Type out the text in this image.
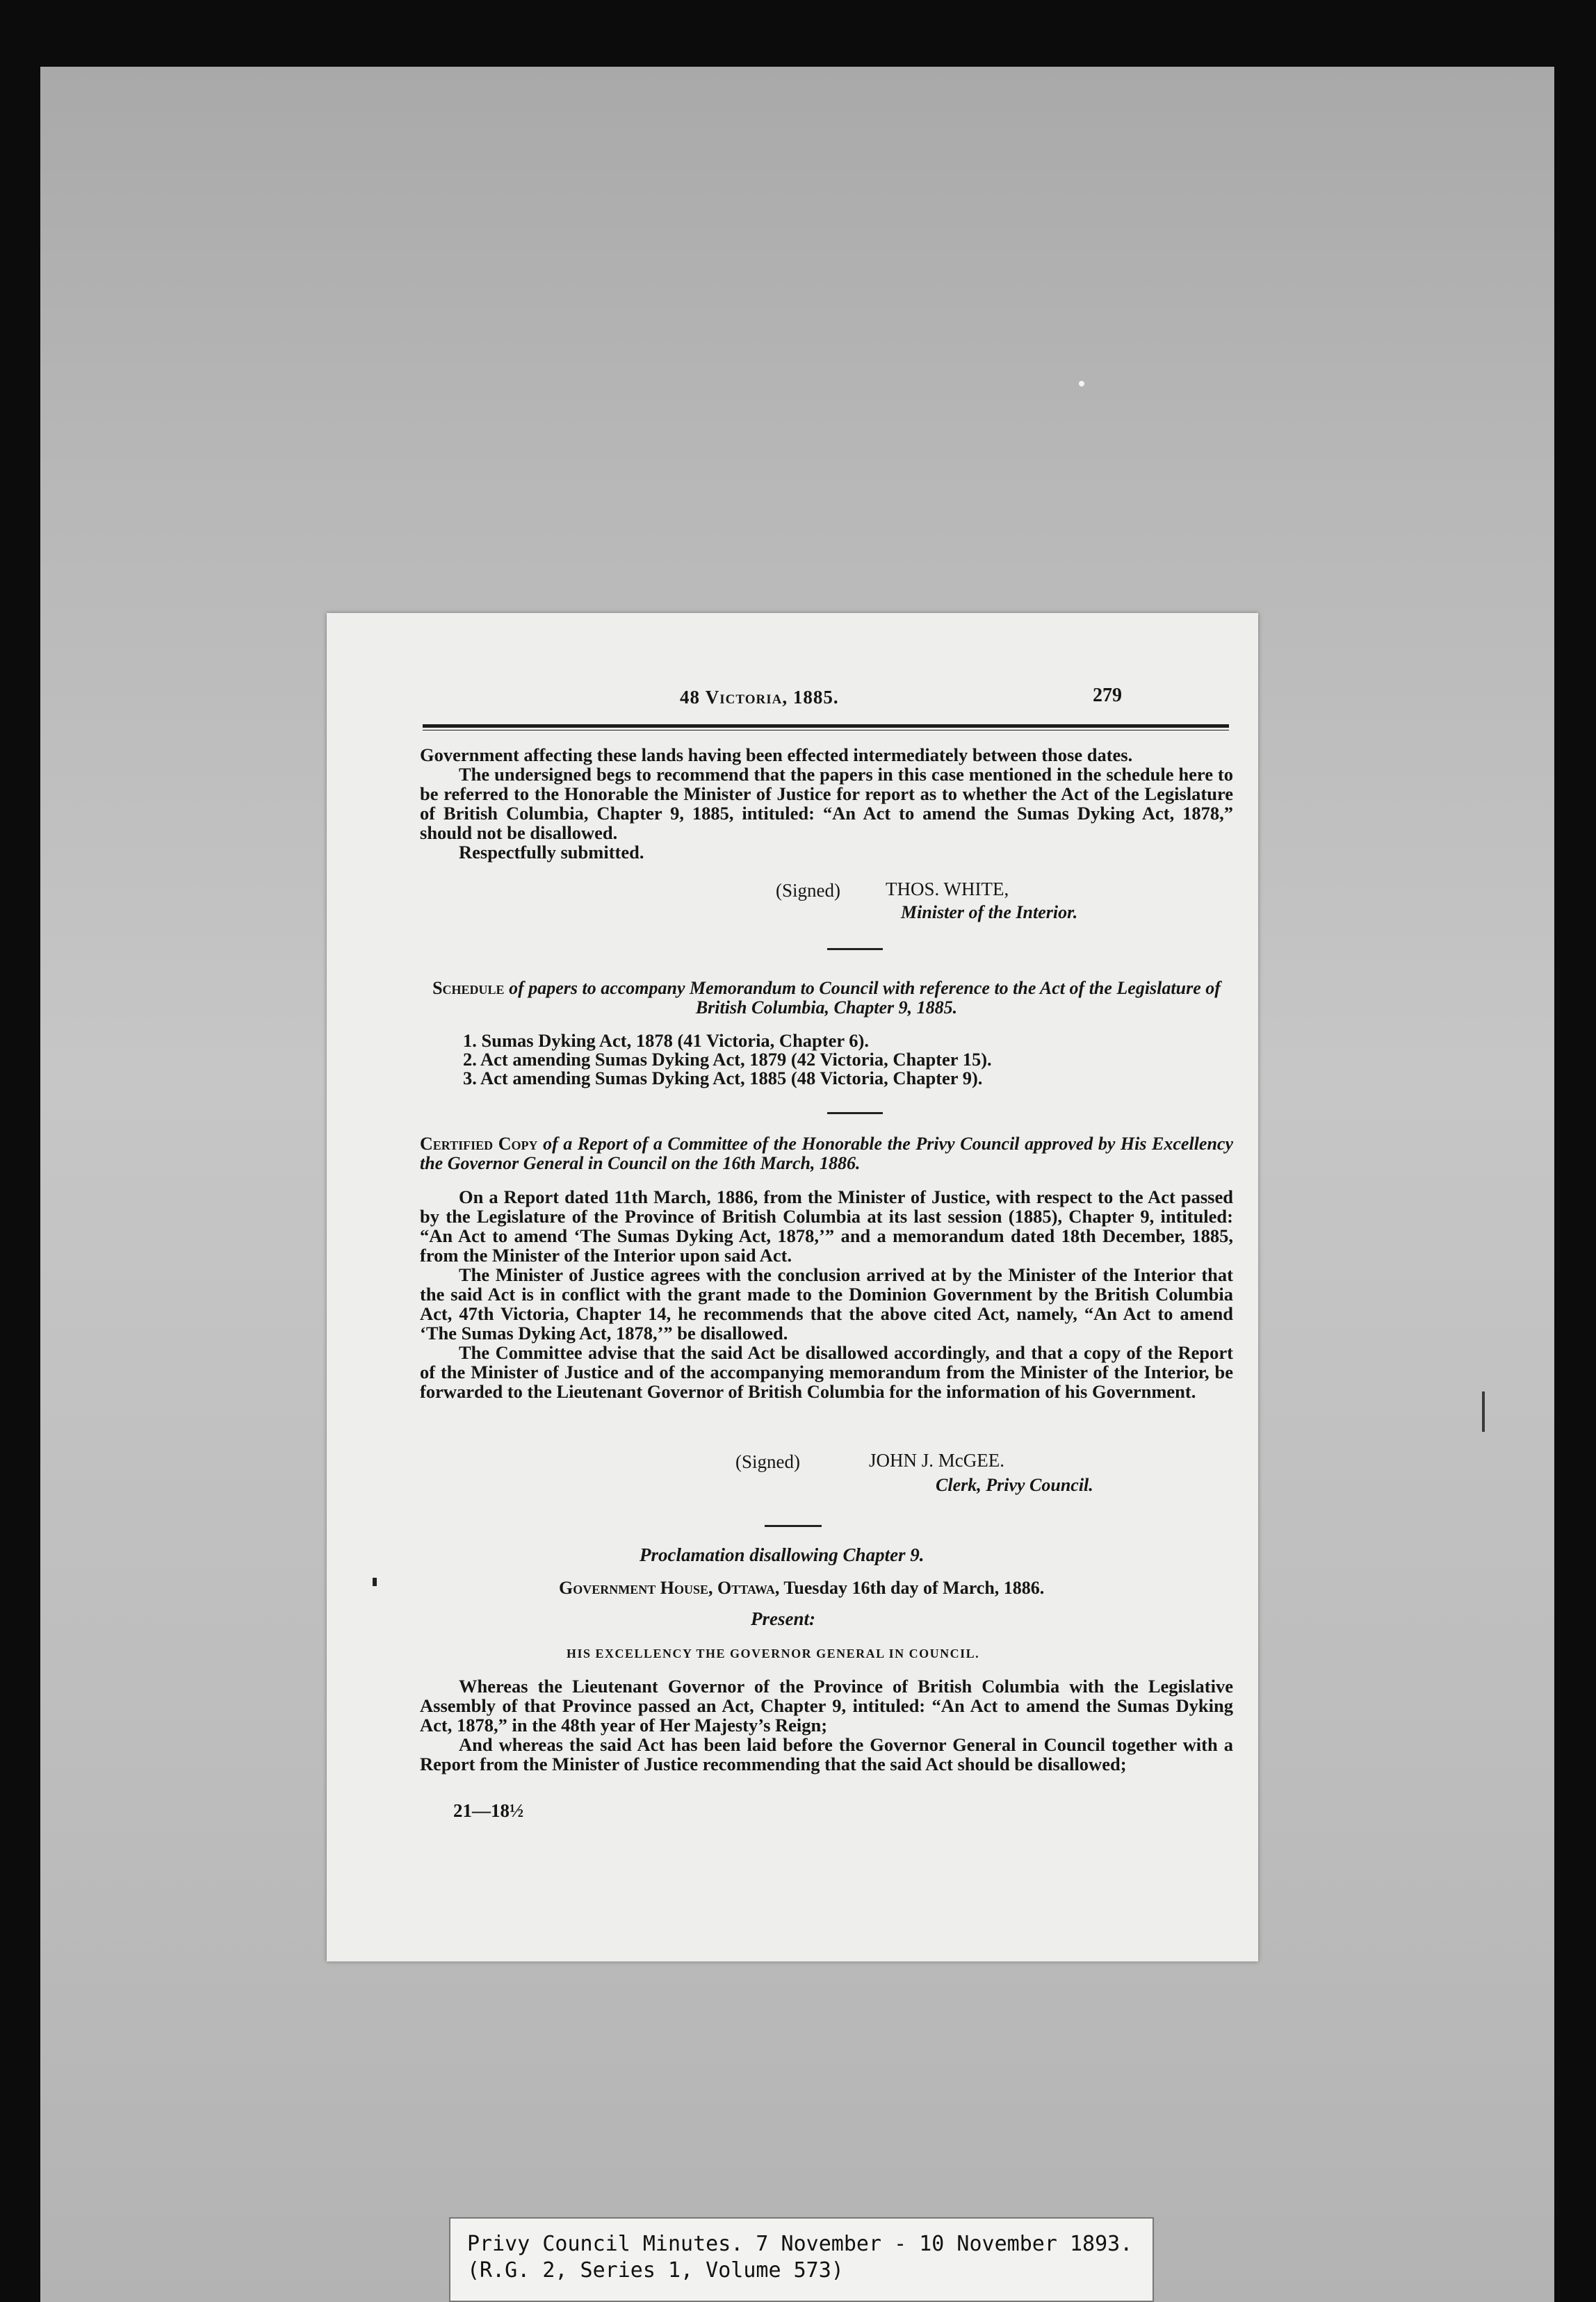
48 Victoria, 1885.	279

Government affecting these lands having been effected intermediately between those dates.

The undersigned begs to recommend that the papers in this case mentioned in the schedule here to be referred to the Honorable the Minister of Justice for report as to whether the Act of the Legislature of British Columbia, Chapter 9, 1885, intituled: “An Act to amend the Sumas Dyking Act, 1878,” should not be disallowed.

Respectfully submitted.

(Signed) THOS. WHITE,
Minister of the Interior.
Schedule of papers to accompany Memorandum to Council with reference to the Act of the Legislature of British Columbia, Chapter 9, 1885.
1. Sumas Dyking Act, 1878 (41 Victoria, Chapter 6).
2. Act amending Sumas Dyking Act, 1879 (42 Victoria, Chapter 15).
3. Act amending Sumas Dyking Act, 1885 (48 Victoria, Chapter 9).
Certified Copy of a Report of a Committee of the Honorable the Privy Council approved by His Excellency the Governor General in Council on the 16th March, 1886.

On a Report dated 11th March, 1886, from the Minister of Justice, with respect to the Act passed by the Legislature of the Province of British Columbia at its last session (1885), Chapter 9, intituled: “An Act to amend ‘The Sumas Dyking Act, 1878,’” and a memorandum dated 18th December, 1885, from the Minister of the Interior upon said Act.

The Minister of Justice agrees with the conclusion arrived at by the Minister of the Interior that the said Act is in conflict with the grant made to the Dominion Government by the British Columbia Act, 47th Victoria, Chapter 14, he recommends that the above cited Act, namely, “An Act to amend ‘The Sumas Dyking Act, 1878,’” be disallowed.

The Committee advise that the said Act be disallowed accordingly, and that a copy of the Report of the Minister of Justice and of the accompanying memorandum from the Minister of the Interior, be forwarded to the Lieutenant Governor of British Columbia for the information of his Government.

(Signed)	JOHN J. McGEE.
Clerk, Privy Council.
Proclamation disallowing Chapter 9.
Government House, Ottawa, Tuesday 16th day of March, 1886.
Present:
HIS EXCELLENCY THE GOVERNOR GENERAL IN COUNCIL.

Whereas the Lieutenant Governor of the Province of British Columbia with the Legislative Assembly of that Province passed an Act, Chapter 9, intituled: “An Act to amend the Sumas Dyking Act, 1878,” in the 48th year of Her Majesty’s Reign;

And whereas the said Act has been laid before the Governor General in Council together with a Report from the Minister of Justice recommending that the said Act should be disallowed;

21—18½
Privy Council Minutes. 7 November - 10 November 1893.
(R.G. 2, Series 1, Volume 573)
